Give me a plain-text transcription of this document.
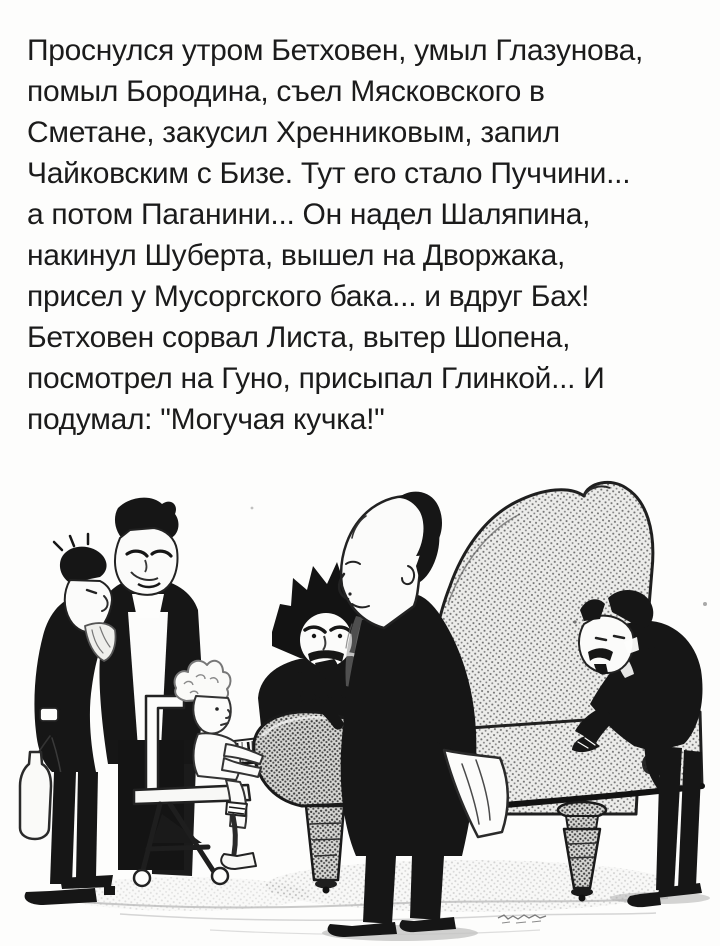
Проснулся утром Бетховен, умыл Глазунова,
помыл Бородина, съел Мясковского в
Сметане, закусил Хренниковым, запил
Чайковским с Бизе. Тут его стало Пуччини...
а потом Паганини... Он надел Шаляпина,
накинул Шуберта, вышел на Дворжака,
присел у Мусоргского бака... и вдруг Бах!
Бетховен сорвал Листа, вытер Шопена,
посмотрел на Гуно, присыпал Глинкой... И
подумал: "Могучая кучка!"
